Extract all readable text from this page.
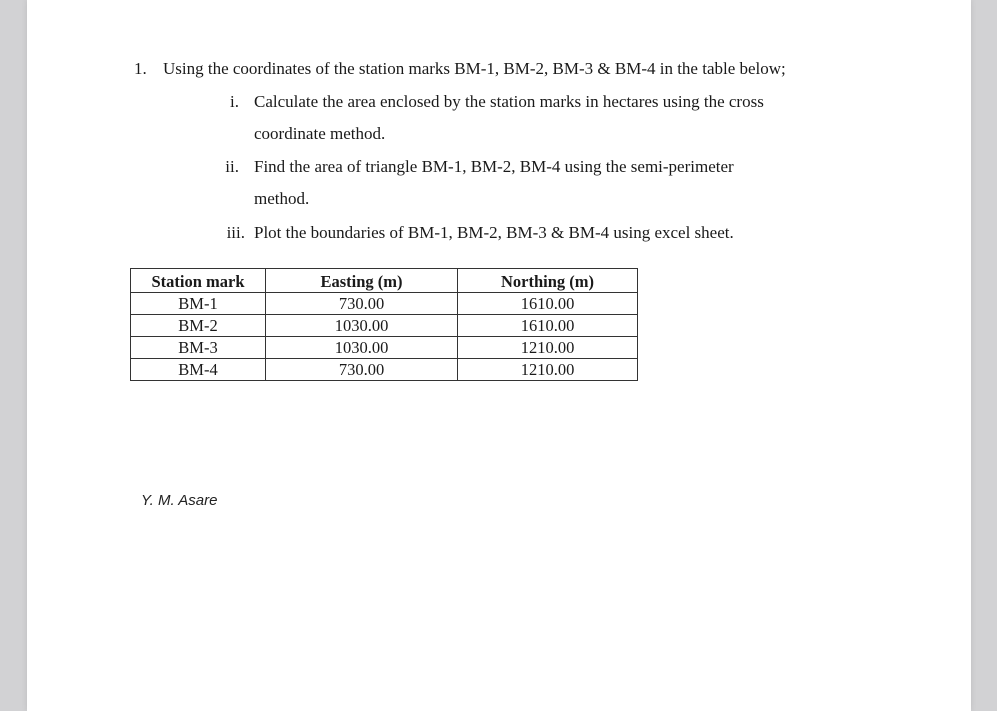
1. Using the coordinates of the station marks BM-1, BM-2, BM-3 & BM-4 in the table below;
i. Calculate the area enclosed by the station marks in hectares using the cross
coordinate method.
ii. Find the area of triangle BM-1, BM-2, BM-4 using the semi-perimeter
method.
iii. Plot the boundaries of BM-1, BM-2, BM-3 & BM-4 using excel sheet.
Station mark	Easting (m)	Northing (m)
BM-1	730.00	1610.00
BM-2	1030.00	1610.00
BM-3	1030.00	1210.00
BM-4	730.00	1210.00
Y. M. Asare
